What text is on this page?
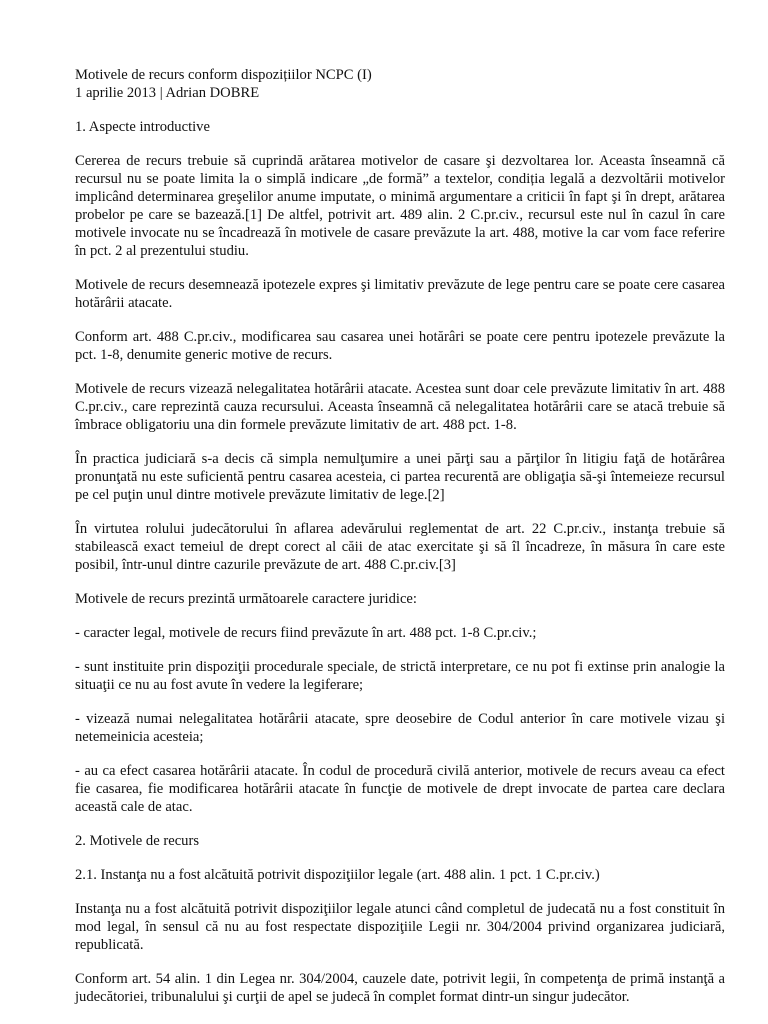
Motivele de recurs conform dispozițiilor NCPC (I)

1 aprilie 2013 | Adrian DOBRE

1. Aspecte introductive

Cererea de recurs trebuie să cuprindă arătarea motivelor de casare şi dezvoltarea lor. Aceasta înseamnă că recursul nu se poate limita la o simplă indicare „de formă” a textelor, condiția legală a dezvoltării motivelor implicând determinarea greşelilor anume imputate, o minimă argumentare a criticii în fapt şi în drept, arătarea probelor pe care se bazează.[1] De altfel, potrivit art. 489 alin. 2 C.pr.civ., recursul este nul în cazul în care motivele invocate nu se încadrează în motivele de casare prevăzute la art. 488, motive la car vom face referire în pct. 2 al prezentului studiu.

Motivele de recurs desemnează ipotezele expres şi limitativ prevăzute de lege pentru care se poate cere casarea hotărârii atacate.

Conform art. 488 C.pr.civ., modificarea sau casarea unei hotărâri se poate cere pentru ipotezele prevăzute la pct. 1-8, denumite generic motive de recurs.

Motivele de recurs vizează nelegalitatea hotărârii atacate. Acestea sunt doar cele prevăzute limitativ în art. 488 C.pr.civ., care reprezintă cauza recursului. Aceasta înseamnă că nelegalitatea hotărârii care se atacă trebuie să îmbrace obligatoriu una din formele prevăzute limitativ de art. 488 pct. 1-8.

În practica judiciară s-a decis că simpla nemulţumire a unei părţi sau a părţilor în litigiu faţă de hotărârea pronunţată nu este suficientă pentru casarea acesteia, ci partea recurentă are obligaţia să-şi întemeieze recursul pe cel puţin unul dintre motivele prevăzute limitativ de lege.[2]

În virtutea rolului judecătorului în aflarea adevărului reglementat de art. 22 C.pr.civ., instanţa trebuie să stabilească exact temeiul de drept corect al căii de atac exercitate şi să îl încadreze, în măsura în care este posibil, într-unul dintre cazurile prevăzute de art. 488 C.pr.civ.[3]

Motivele de recurs prezintă următoarele caractere juridice:

- caracter legal, motivele de recurs fiind prevăzute în art. 488 pct. 1-8 C.pr.civ.;

- sunt instituite prin dispoziţii procedurale speciale, de strictă interpretare, ce nu pot fi extinse prin analogie la situaţii ce nu au fost avute în vedere la legiferare;

- vizează numai nelegalitatea hotărârii atacate, spre deosebire de Codul anterior în care motivele vizau şi netemeinicia acesteia;

- au ca efect casarea hotărârii atacate. În codul de procedură civilă anterior, motivele de recurs aveau ca efect fie casarea, fie modificarea hotărârii atacate în funcţie de motivele de drept invocate de partea care declara această cale de atac.

2. Motivele de recurs

2.1. Instanţa nu a fost alcătuită potrivit dispoziţiilor legale (art. 488 alin. 1 pct. 1 C.pr.civ.)

Instanţa nu a fost alcătuită potrivit dispoziţiilor legale atunci când completul de judecată nu a fost constituit în mod legal, în sensul că nu au fost respectate dispoziţiile Legii nr. 304/2004 privind organizarea judiciară, republicată.

Conform art. 54 alin. 1 din Legea nr. 304/2004, cauzele date, potrivit legii, în competenţa de primă instanţă a judecătoriei, tribunalului şi curţii de apel se judecă în complet format dintr-un singur judecător.
